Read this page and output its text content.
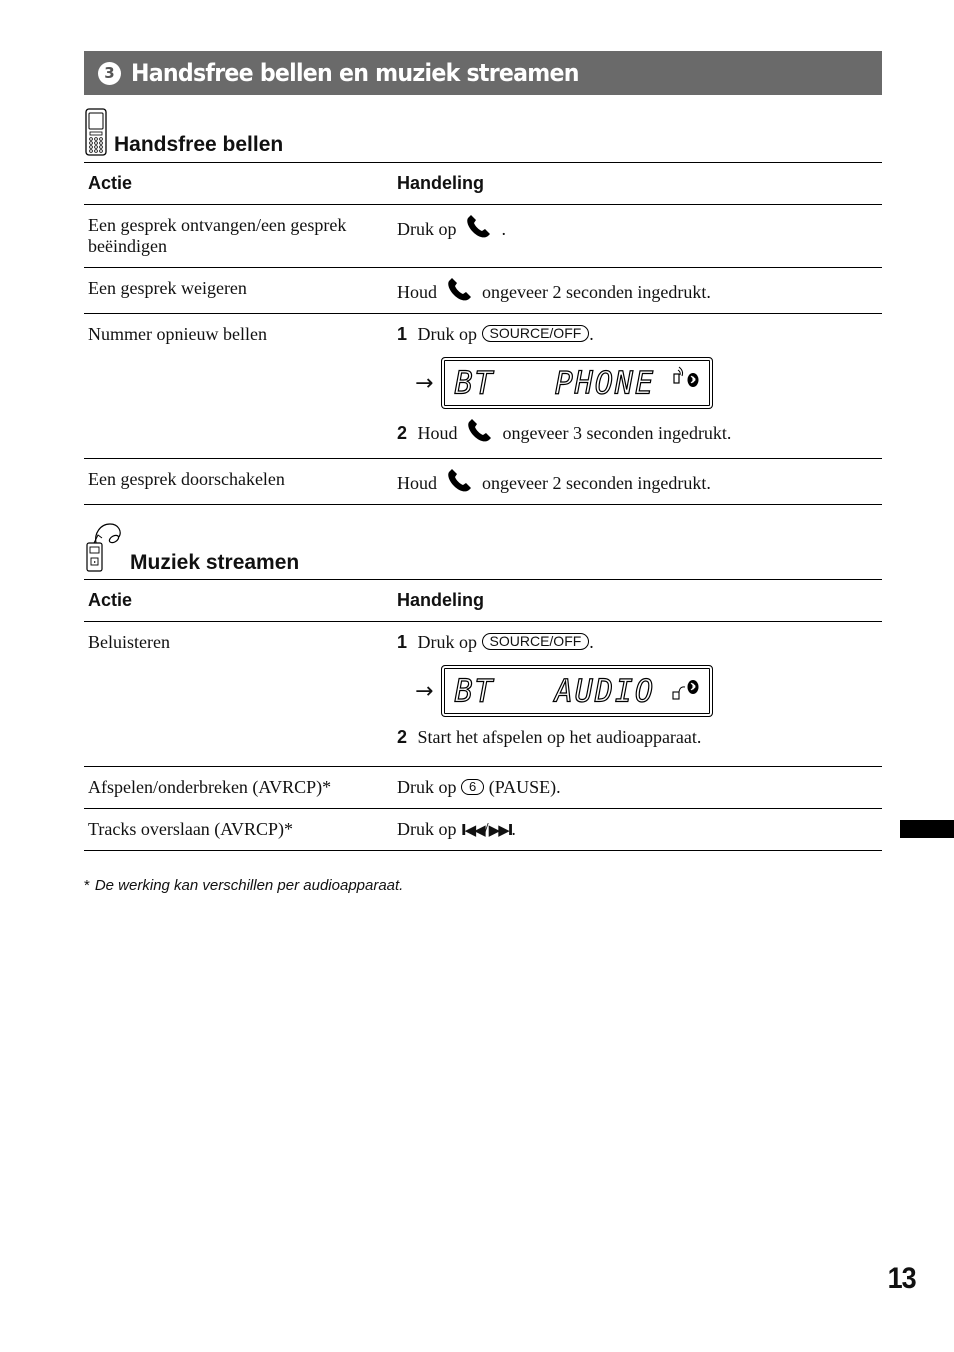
3 Handsfree bellen en muziek streamen
Handsfree bellen
Actie	Handeling
Een gesprek ontvangen/een gesprek beëindigen	Druk op .
Een gesprek weigeren	Houd ongeveer 2 seconden ingedrukt.
Nummer opnieuw bellen	1 Druk op SOURCE/OFF .
→ BT   PHONE
2 Houd ongeveer 3 seconden ingedrukt.

Een gesprek doorschakelen	Houd ongeveer 2 seconden ingedrukt.
Muziek streamen
Actie	Handeling
Beluisteren	1 Druk op SOURCE/OFF .
→ BT   AUDIO
2 Start het afspelen op het audioapparaat.

Afspelen/onderbreken (AVRCP)*	Druk op 6 (PAUSE).
Tracks overslaan (AVRCP)*	Druk op I◀◀/▶▶I.
* De werking kan verschillen per audioapparaat.
13
